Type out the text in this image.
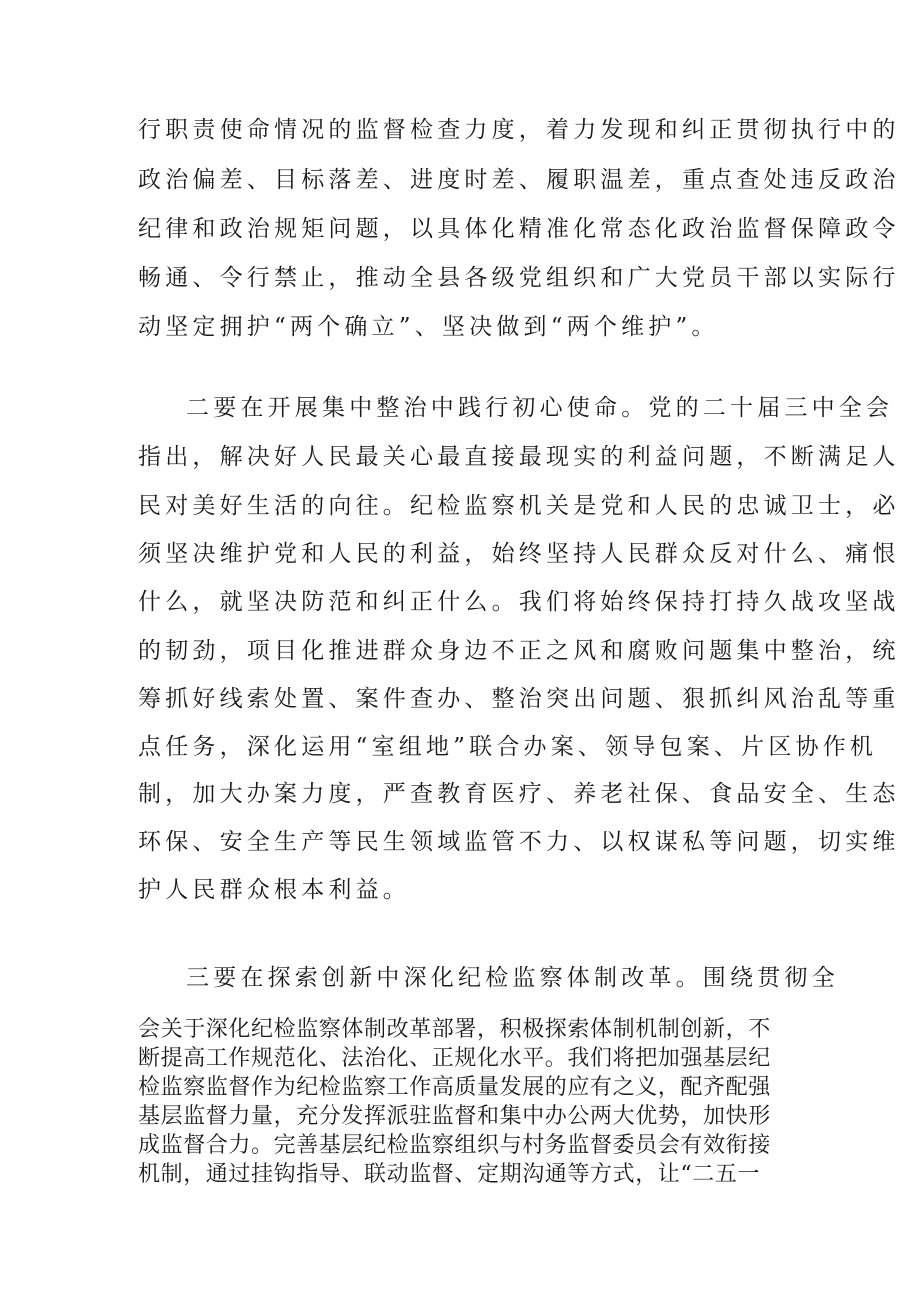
行职责使命情况的监督检查力度，着力发现和纠正贯彻执行中的
政治偏差、目标落差、进度时差、履职温差，重点查处违反政治
纪律和政治规矩问题，以具体化精准化常态化政治监督保障政令
畅通、令行禁止，推动全县各级党组织和广大党员干部以实际行
动坚定拥护“两个确立”、坚决做到“两个维护”。
二要在开展集中整治中践行初心使命。党的二十届三中全会
指出，解决好人民最关心最直接最现实的利益问题，不断满足人
民对美好生活的向往。纪检监察机关是党和人民的忠诚卫士，必
须坚决维护党和人民的利益，始终坚持人民群众反对什么、痛恨
什么，就坚决防范和纠正什么。我们将始终保持打持久战攻坚战
的韧劲，项目化推进群众身边不正之风和腐败问题集中整治，统
筹抓好线索处置、案件查办、整治突出问题、狠抓纠风治乱等重
点任务，深化运用“室组地”联合办案、领导包案、片区协作机
制，加大办案力度，严查教育医疗、养老社保、食品安全、生态
环保、安全生产等民生领域监管不力、以权谋私等问题，切实维
护人民群众根本利益。
三要在探索创新中深化纪检监察体制改革。围绕贯彻全
会关于深化纪检监察体制改革部署，积极探索体制机制创新，不
断提高工作规范化、法治化、正规化水平。我们将把加强基层纪
检监察监督作为纪检监察工作高质量发展的应有之义，配齐配强
基层监督力量，充分发挥派驻监督和集中办公两大优势，加快形
成监督合力。完善基层纪检监察组织与村务监督委员会有效衔接
机制，通过挂钩指导、联动监督、定期沟通等方式，让“二五一
